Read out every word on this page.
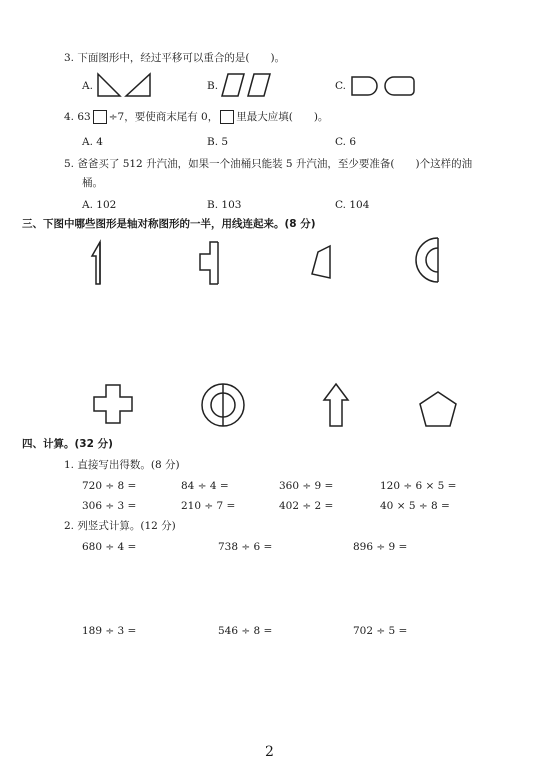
3. 下面图形中，经过平移可以重合的是(　　)。
A.	B.	C.
4. 63 ÷7，要使商末尾有 0， 里最大应填(　　)。
A. 4	B. 5	C. 6
5. 爸爸买了 512 升汽油，如果一个油桶只能装 5 升汽油，至少要准备(　　)个这样的油
桶。
A. 102	B. 103	C. 104
三、下图中哪些图形是轴对称图形的一半，用线连起来。(8 分)
四、计算。(32 分)
1. 直接写出得数。(8 分)
720 ÷ 8 =	84 ÷ 4 =	360 ÷ 9 =	120 ÷ 6 × 5 =
306 ÷ 3 =	210 ÷ 7 =	402 ÷ 2 =	40 × 5 ÷ 8 =
2. 列竖式计算。(12 分)
680 ÷ 4 =	738 ÷ 6 =	896 ÷ 9 =
189 ÷ 3 =	546 ÷ 8 =	702 ÷ 5 =
2
